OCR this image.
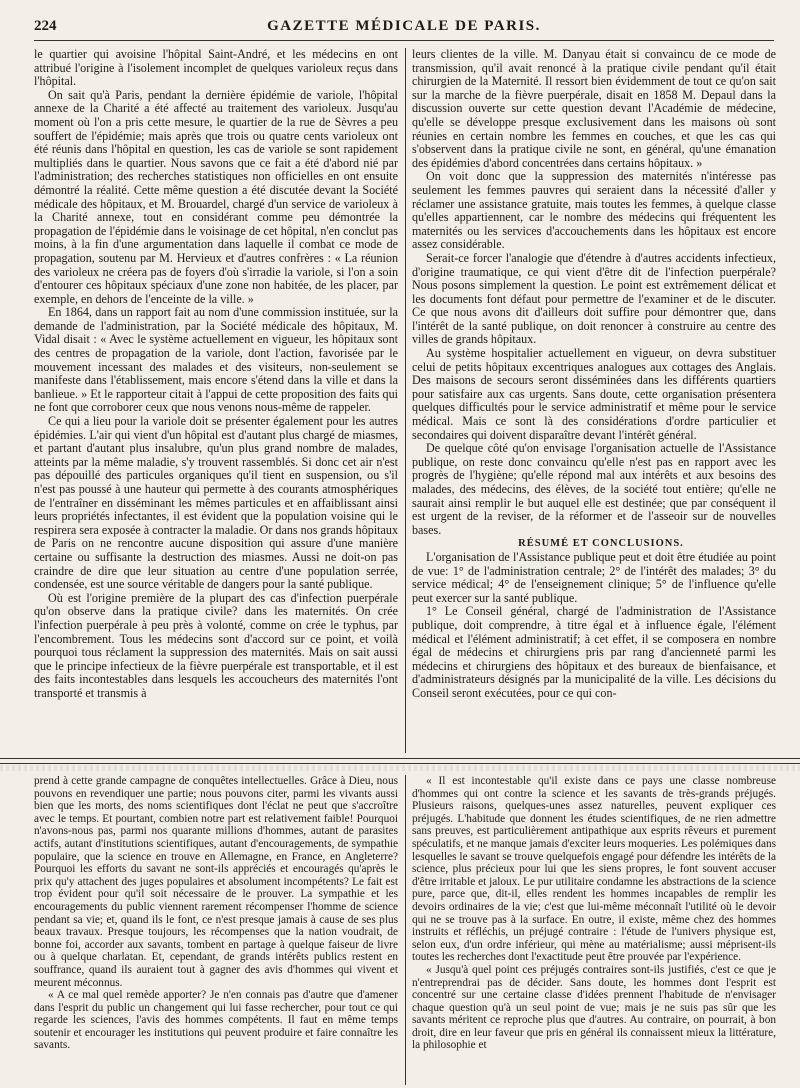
224	GAZETTE MÉDICALE DE PARIS.

le quartier qui avoisine l'hôpital Saint-André, et les médecins en ont attribué l'origine à l'isolement incomplet de quelques varioleux reçus dans l'hôpital.

On sait qu'à Paris, pendant la dernière épidémie de variole, l'hôpital annexe de la Charité a été affecté au traitement des varioleux. Jusqu'au moment où l'on a pris cette mesure, le quartier de la rue de Sèvres a peu souffert de l'épidémie; mais après que trois ou quatre cents varioleux ont été réunis dans l'hôpital en question, les cas de variole se sont rapidement multipliés dans le quartier. Nous savons que ce fait a été d'abord nié par l'administration; des recherches statistiques non officielles en ont ensuite démontré la réalité. Cette même question a été discutée devant la Société médicale des hôpitaux, et M. Brouardel, chargé d'un service de varioleux à la Charité annexe, tout en considérant comme peu démontrée la propagation de l'épidémie dans le voisinage de cet hôpital, n'en conclut pas moins, à la fin d'une argumentation dans laquelle il combat ce mode de propagation, soutenu par M. Hervieux et d'autres confrères : « La réunion des varioleux ne créera pas de foyers d'où s'irradie la variole, si l'on a soin d'entourer ces hôpitaux spéciaux d'une zone non habitée, de les placer, par exemple, en dehors de l'enceinte de la ville. »

En 1864, dans un rapport fait au nom d'une commission instituée, sur la demande de l'administration, par la Société médicale des hôpitaux, M. Vidal disait : « Avec le système actuellement en vigueur, les hôpitaux sont des centres de propagation de la variole, dont l'action, favorisée par le mouvement incessant des malades et des visiteurs, non-seulement se manifeste dans l'établissement, mais encore s'étend dans la ville et dans la banlieue. » Et le rapporteur citait à l'appui de cette proposition des faits qui ne font que corroborer ceux que nous venons nous-même de rappeler.

Ce qui a lieu pour la variole doit se présenter également pour les autres épidémies. L'air qui vient d'un hôpital est d'autant plus chargé de miasmes, et partant d'autant plus insalubre, qu'un plus grand nombre de malades, atteints par la même maladie, s'y trouvent rassemblés. Si donc cet air n'est pas dépouillé des particules organiques qu'il tient en suspension, ou s'il n'est pas poussé à une hauteur qui permette à des courants atmosphériques de l'entraîner en disséminant les mêmes particules et en affaiblissant ainsi leurs propriétés infectantes, il est évident que la population voisine qui le respirera sera exposée à contracter la maladie. Or dans nos grands hôpitaux de Paris on ne rencontre aucune disposition qui assure d'une manière certaine ou suffisante la destruction des miasmes. Aussi ne doit-on pas craindre de dire que leur situation au centre d'une population serrée, condensée, est une source véritable de dangers pour la santé publique.

Où est l'origine première de la plupart des cas d'infection puerpérale qu'on observe dans la pratique civile? dans les maternités. On crée l'infection puerpérale à peu près à volonté, comme on crée le typhus, par l'encombrement. Tous les médecins sont d'accord sur ce point, et voilà pourquoi tous réclament la suppression des maternités. Mais on sait aussi que le principe infectieux de la fièvre puerpérale est transportable, et il est des faits incontestables dans lesquels les accoucheurs des maternités l'ont transporté et transmis à

leurs clientes de la ville. M. Danyau était si convaincu de ce mode de transmission, qu'il avait renoncé à la pratique civile pendant qu'il était chirurgien de la Maternité. Il ressort bien évidemment de tout ce qu'on sait sur la marche de la fièvre puerpérale, disait en 1858 M. Depaul dans la discussion ouverte sur cette question devant l'Académie de médecine, qu'elle se développe presque exclusivement dans les maisons où sont réunies en certain nombre les femmes en couches, et que les cas qui s'observent dans la pratique civile ne sont, en général, qu'une émanation des épidémies d'abord concentrées dans certains hôpitaux. »

On voit donc que la suppression des maternités n'intéresse pas seulement les femmes pauvres qui seraient dans la nécessité d'aller y réclamer une assistance gratuite, mais toutes les femmes, à quelque classe qu'elles appartiennent, car le nombre des médecins qui fréquentent les maternités ou les services d'accouchements dans les hôpitaux est encore assez considérable.

Serait-ce forcer l'analogie que d'étendre à d'autres accidents infectieux, d'origine traumatique, ce qui vient d'être dit de l'infection puerpérale? Nous posons simplement la question. Le point est extrêmement délicat et les documents font défaut pour permettre de l'examiner et de le discuter. Ce que nous avons dit d'ailleurs doit suffire pour démontrer que, dans l'intérêt de la santé publique, on doit renoncer à construire au centre des villes de grands hôpitaux.

Au système hospitalier actuellement en vigueur, on devra substituer celui de petits hôpitaux excentriques analogues aux cottages des Anglais. Des maisons de secours seront disséminées dans les différents quartiers pour satisfaire aux cas urgents. Sans doute, cette organisation présentera quelques difficultés pour le service administratif et même pour le service médical. Mais ce sont là des considérations d'ordre particulier et secondaires qui doivent disparaître devant l'intérêt général.

De quelque côté qu'on envisage l'organisation actuelle de l'Assistance publique, on reste donc convaincu qu'elle n'est pas en rapport avec les progrès de l'hygiène; qu'elle répond mal aux intérêts et aux besoins des malades, des médecins, des élèves, de la société tout entière; qu'elle ne saurait ainsi remplir le but auquel elle est destinée; que par conséquent il est urgent de la reviser, de la réformer et de l'asseoir sur de nouvelles bases.

RÉSUMÉ ET CONCLUSIONS.

L'organisation de l'Assistance publique peut et doit être étudiée au point de vue: 1° de l'administration centrale; 2° de l'intérêt des malades; 3° du service médical; 4° de l'enseignement clinique; 5° de l'influence qu'elle peut exercer sur la santé publique.

1° Le Conseil général, chargé de l'administration de l'Assistance publique, doit comprendre, à titre égal et à influence égale, l'élément médical et l'élément administratif; à cet effet, il se composera en nombre égal de médecins et chirurgiens pris par rang d'ancienneté parmi les médecins et chirurgiens des hôpitaux et des bureaux de bienfaisance, et d'administrateurs désignés par la municipalité de la ville. Les décisions du Conseil seront exécutées, pour ce qui con-

prend à cette grande campagne de conquêtes intellectuelles. Grâce à Dieu, nous pouvons en revendiquer une partie; nous pouvons citer, parmi les vivants aussi bien que les morts, des noms scientifiques dont l'éclat ne peut que s'accroître avec le temps. Et pourtant, combien notre part est relativement faible! Pourquoi n'avons-nous pas, parmi nos quarante millions d'hommes, autant de parasites actifs, autant d'institutions scientifiques, autant d'encouragements, de sympathie populaire, que la science en trouve en Allemagne, en France, en Angleterre? Pourquoi les efforts du savant ne sont-ils appréciés et encouragés qu'après le prix qu'y attachent des juges populaires et absolument incompétents? Le fait est trop évident pour qu'il soit nécessaire de le prouver. La sympathie et les encouragements du public viennent rarement récompenser l'homme de science pendant sa vie; et, quand ils le font, ce n'est presque jamais à cause de ses plus beaux travaux. Presque toujours, les récompenses que la nation voudrait, de bonne foi, accorder aux savants, tombent en partage à quelque faiseur de livre ou à quelque charlatan. Et, cependant, de grands intérêts publics restent en souffrance, quand ils auraient tout à gagner des avis d'hommes qui vivent et meurent méconnus.

« A ce mal quel remède apporter? Je n'en connais pas d'autre que d'amener dans l'esprit du public un changement qui lui fasse rechercher, pour tout ce qui regarde les sciences, l'avis des hommes compétents. Il faut en même temps soutenir et encourager les institutions qui peuvent produire et faire connaître les savants.

« Il est incontestable qu'il existe dans ce pays une classe nombreuse d'hommes qui ont contre la science et les savants de très-grands préjugés. Plusieurs raisons, quelques-unes assez naturelles, peuvent expliquer ces préjugés. L'habitude que donnent les études scientifiques, de ne rien admettre sans preuves, est particulièrement antipathique aux esprits rêveurs et purement spéculatifs, et ne manque jamais d'exciter leurs moqueries. Les polémiques dans lesquelles le savant se trouve quelquefois engagé pour défendre les intérêts de la science, plus précieux pour lui que les siens propres, le font souvent accuser d'être irritable et jaloux. Le pur utilitaire condamne les abstractions de la science pure, parce que, dit-il, elles rendent les hommes incapables de remplir les devoirs ordinaires de la vie; c'est que lui-même méconnaît l'utilité où le devoir qui ne se trouve pas à la surface. En outre, il existe, même chez des hommes instruits et réfléchis, un préjugé contraire : l'étude de l'univers physique est, selon eux, d'un ordre inférieur, qui mène au matérialisme; aussi méprisent-ils toutes les recherches dont l'exactitude peut être prouvée par l'expérience.

« Jusqu'à quel point ces préjugés contraires sont-ils justifiés, c'est ce que je n'entreprendrai pas de décider. Sans doute, les hommes dont l'esprit est concentré sur une certaine classe d'idées prennent l'habitude de n'envisager chaque question qu'à un seul point de vue; mais je ne suis pas sûr que les savants méritent ce reproche plus que d'autres. Au contraire, on pourrait, à bon droit, dire en leur faveur que pris en général ils connaissent mieux la littérature, la philosophie et
